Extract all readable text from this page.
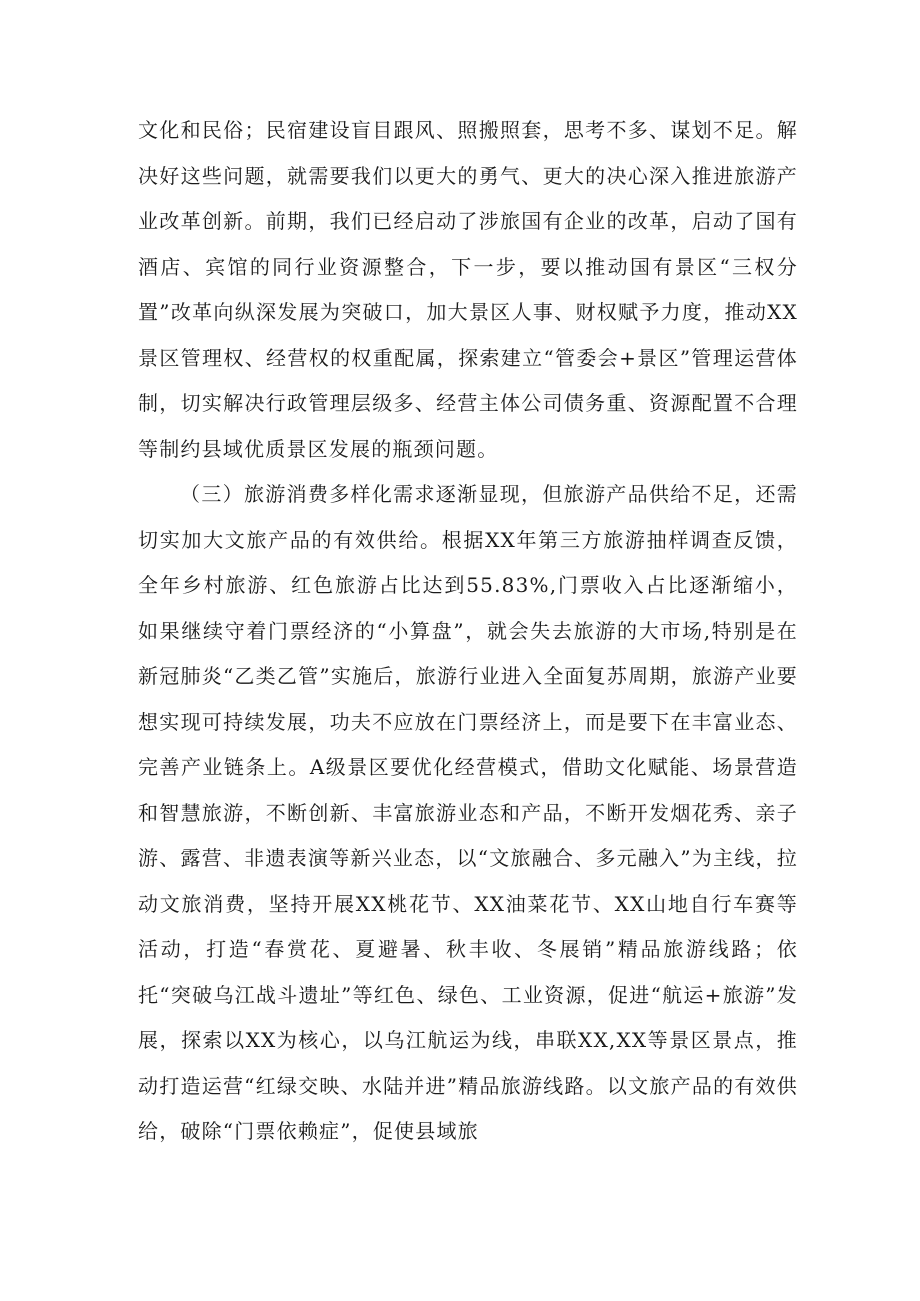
文化和民俗；民宿建设盲目跟风、照搬照套，思考不多、谋划不足。解决好这些问题，就需要我们以更大的勇气、更大的决心深入推进旅游产业改革创新。前期，我们已经启动了涉旅国有企业的改革，启动了国有酒店、宾馆的同行业资源整合，下一步，要以推动国有景区“三权分置”改革向纵深发展为突破口，加大景区人事、财权赋予力度，推动XX景区管理权、经营权的权重配属，探索建立“管委会+景区”管理运营体制，切实解决行政管理层级多、经营主体公司债务重、资源配置不合理等制约县域优质景区发展的瓶颈问题。

（三）旅游消费多样化需求逐渐显现，但旅游产品供给不足，还需切实加大文旅产品的有效供给。根据XX年第三方旅游抽样调查反馈，全年乡村旅游、红色旅游占比达到55.83%,门票收入占比逐渐缩小，如果继续守着门票经济的“小算盘”，就会失去旅游的大市场,特别是在新冠肺炎“乙类乙管”实施后，旅游行业进入全面复苏周期，旅游产业要想实现可持续发展，功夫不应放在门票经济上，而是要下在丰富业态、完善产业链条上。A级景区要优化经营模式，借助文化赋能、场景营造和智慧旅游，不断创新、丰富旅游业态和产品，不断开发烟花秀、亲子游、露营、非遗表演等新兴业态，以“文旅融合、多元融入”为主线，拉动文旅消费，坚持开展XX桃花节、XX油菜花节、XX山地自行车赛等活动，打造“春赏花、夏避暑、秋丰收、冬展销”精品旅游线路；依托“突破乌江战斗遗址”等红色、绿色、工业资源，促进“航运+旅游”发展，探索以XX为核心，以乌江航运为线，串联XX,XX等景区景点，推动打造运营“红绿交映、水陆并进”精品旅游线路。以文旅产品的有效供给，破除“门票依赖症”，促使县域旅
